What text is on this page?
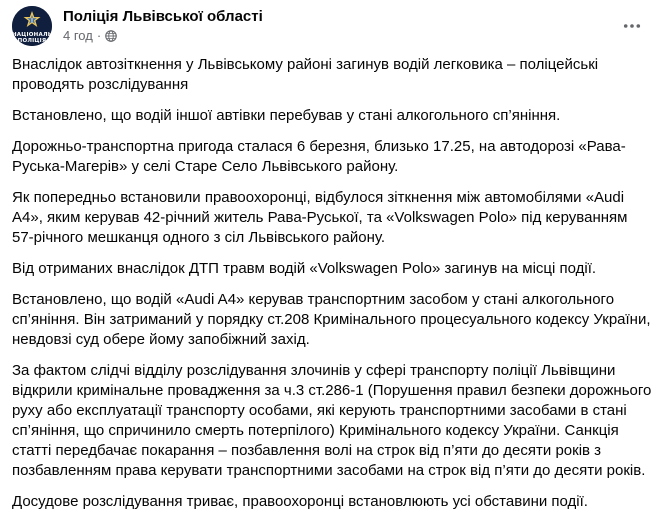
НАЦІОНАЛЬНА
ПОЛІЦІЯ
Поліція Львівської області
4 год ·

Внаслідок автозіткнення у Львівському районі загинув водій легковика – поліцейські проводять розслідування

Встановлено, що водій іншої автівки перебував у стані алкогольного сп’яніння.

Дорожньо-транспортна пригода сталася 6 березня, близько 17.25, на автодорозі «Рава-Руська-Магерів» у селі Старе Село Львівського району.

Як попередньо встановили правоохоронці, відбулося зіткнення між автомобілями «Audi A4», яким керував 42-річний житель Рава-Руської, та «Volkswagen Polo» під керуванням 57-річного мешканця одного з сіл Львівського району.

Від отриманих внаслідок ДТП травм водій «Volkswagen Polo» загинув на місці події.

Встановлено, що водій «Audi A4» керував транспортним засобом у стані алкогольного сп’яніння. Він затриманий у порядку ст.208 Кримінального процесуального кодексу України, невдовзі суд обере йому запобіжний захід.

За фактом слідчі відділу розслідування злочинів у сфері транспорту поліції Львівщини відкрили кримінальне провадження за ч.3 ст.286-1 (Порушення правил безпеки дорожнього руху або експлуатації транспорту особами, які керують транспортними засобами в стані сп’яніння, що спричинило смерть потерпілого) Кримінального кодексу України. Санкція статті передбачає покарання – позбавлення волі на строк від п’яти до десяти років з позбавленням права керувати транспортними засобами на строк від п’яти до десяти років.

Досудове розслідування триває, правоохоронці встановлюють усі обставини події.
